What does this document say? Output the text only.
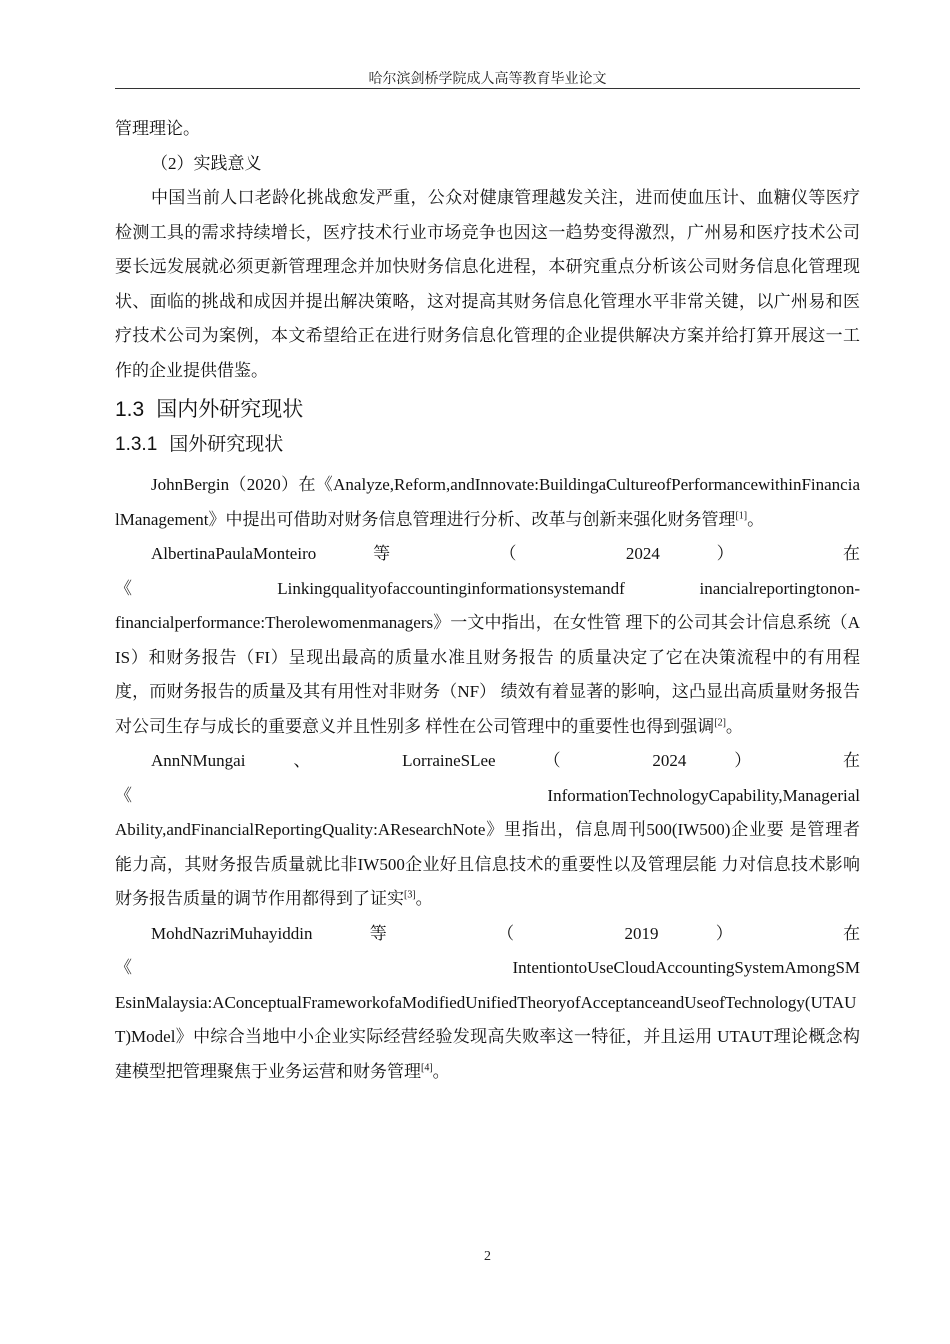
哈尔滨剑桥学院成人高等教育毕业论文

管理理论。

（2）实践意义

中国当前人口老龄化挑战愈发严重，公众对健康管理越发关注，进而使血压计、血糖仪等医疗检测工具的需求持续增长，医疗技术行业市场竞争也因这一趋势变得激烈，广州易和医疗技术公司要长远发展就必须更新管理理念并加快财务信息化进程，本研究重点分析该公司财务信息化管理现状、面临的挑战和成因并提出解决策略，这对提高其财务信息化管理水平非常关键，以广州易和医疗技术公司为案例，本文希望给正在进行财务信息化管理的企业提供解决方案并给打算开展这一工作的企业提供借鉴。

1.3 国内外研究现状
1.3.1 国外研究现状

JohnBergin（2020）在《Analyze,Reform,andInnovate:BuildingaCultureofPerformancewithinFinancialManagement》中提出可借助对财务信息管理进行分析、改革与创新来强化财务管理[1]。

AlbertinaPaulaMonteiro	等	（	2024	）	在

《	Linkingqualityofaccountinginformationsystemandf	inancialreportingtonon-

financialperformance:Therolewomenmanagers》一文中指出，在女性管 理下的公司其会计信息系统（AIS）和财务报告（FI）呈现出最高的质量水准且财务报告 的质量决定了它在决策流程中的有用程度，而财务报告的质量及其有用性对非财务（NF） 绩效有着显著的影响，这凸显出高质量财务报告对公司生存与成长的重要意义并且性别多 样性在公司管理中的重要性也得到强调[2]。

AnnNMungai	、	LorraineSLee	（	2024	）	在

《	InformationTechnologyCapability,Managerial

Ability,andFinancialReportingQuality:AResearchNote》里指出，信息周刊500(IW500)企业要 是管理者能力高，其财务报告质量就比非IW500企业好且信息技术的重要性以及管理层能 力对信息技术影响财务报告质量的调节作用都得到了证实[3]。

MohdNazriMuhayiddin	等	（	2019	）	在

《	IntentiontoUseCloudAccountingSystemAmongSM

EsinMalaysia:AConceptualFrameworkofaModifiedUnifiedTheoryofAcceptanceandUseofTechnology(UTAUT)Model》中综合当地中小企业实际经营经验发现高失败率这一特征，并且运用 UTAUT理论概念构建模型把管理聚焦于业务运营和财务管理[4]。

2
